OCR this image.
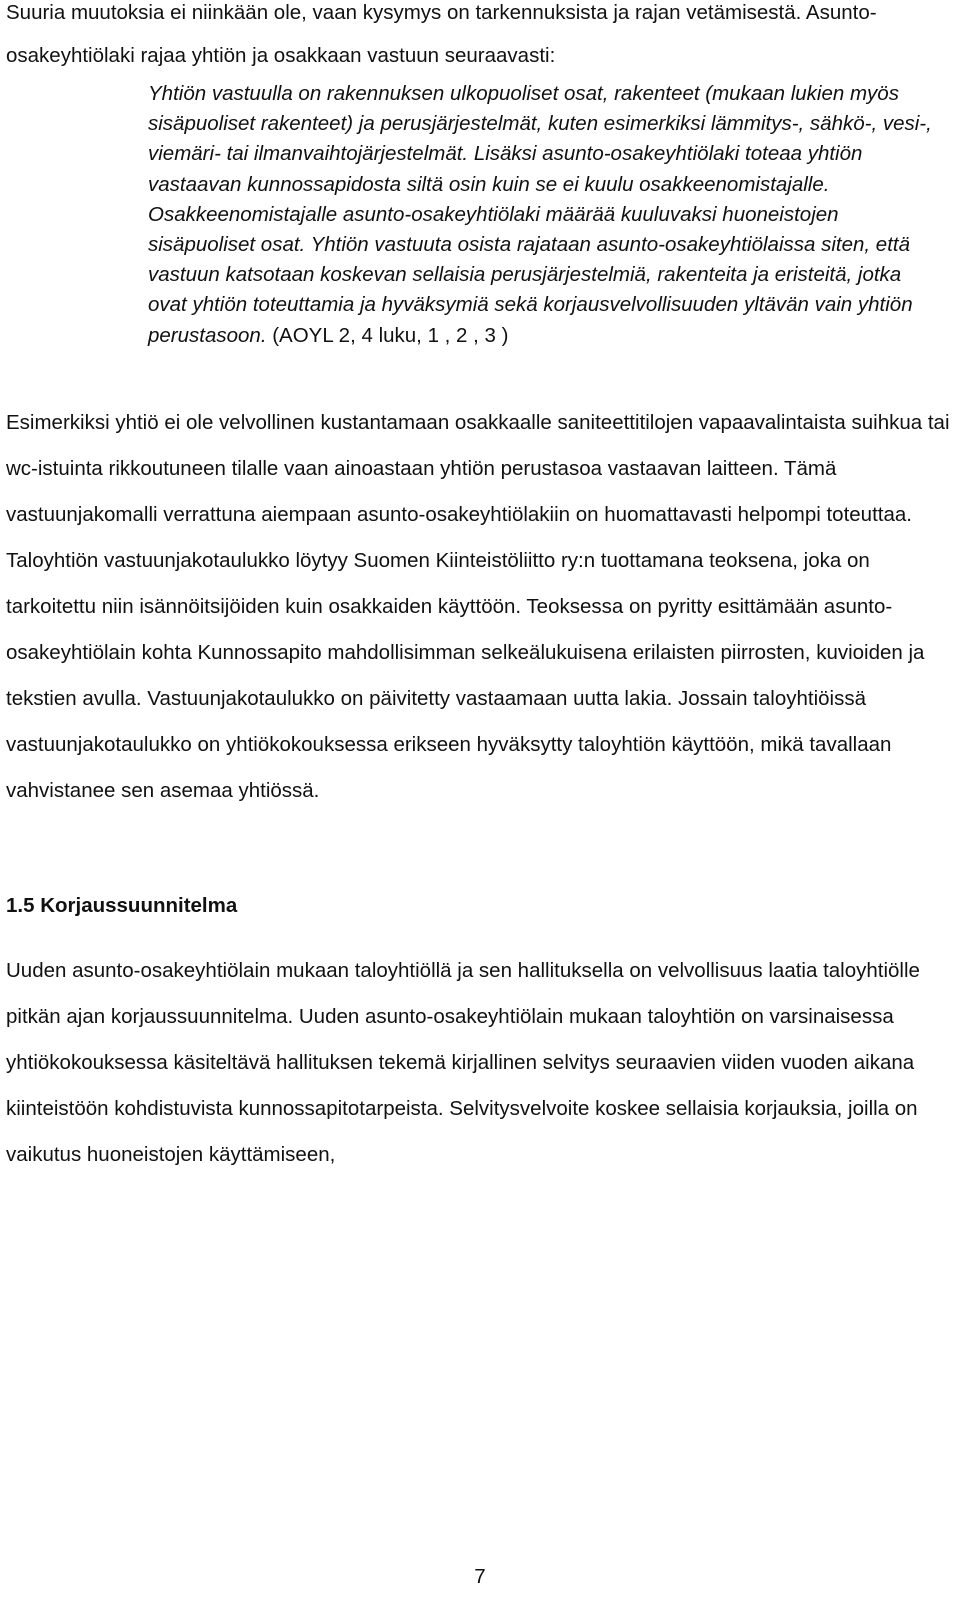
Suuria muutoksia ei niinkään ole, vaan kysymys on tarkennuksista ja rajan vetämisestä. Asunto-osakeyhtiölaki rajaa yhtiön ja osakkaan vastuun seuraavasti:

Yhtiön vastuulla on rakennuksen ulkopuoliset osat, rakenteet (mukaan lukien myös sisäpuoliset rakenteet) ja perusjärjestelmät, kuten esimerkiksi lämmitys-, sähkö-, vesi-, viemäri- tai ilmanvaihtojärjestelmät. Lisäksi asunto-osakeyhtiölaki toteaa yhtiön vastaavan kunnossapidosta siltä osin kuin se ei kuulu osakkeenomistajalle. Osakkeenomistajalle asunto-osakeyhtiölaki määrää kuuluvaksi huoneistojen sisäpuoliset osat. Yhtiön vastuuta osista rajataan asunto-osakeyhtiölaissa siten, että vastuun katsotaan koskevan sellaisia perusjärjestelmiä, rakenteita ja eristeitä, jotka ovat yhtiön toteuttamia ja hyväksymiä sekä korjausvelvollisuuden yltävän vain yhtiön perustasoon. (AOYL 2, 4 luku, 1 , 2 , 3 )

Esimerkiksi yhtiö ei ole velvollinen kustantamaan osakkaalle saniteettitilojen vapaavalintaista suihkua tai wc-istuinta rikkoutuneen tilalle vaan ainoastaan yhtiön perustasoa vastaavan laitteen. Tämä vastuunjakomalli verrattuna aiempaan asunto-osakeyhtiölakiin on huomattavasti helpompi toteuttaa. Taloyhtiön vastuunjakotaulukko löytyy Suomen Kiinteistöliitto ry:n tuottamana teoksena, joka on tarkoitettu niin isännöitsijöiden kuin osakkaiden käyttöön. Teoksessa on pyritty esittämään asunto-osakeyhtiölain kohta Kunnossapito mahdollisimman selkeälukuisena erilaisten piirrosten, kuvioiden ja tekstien avulla. Vastuunjakotaulukko on päivitetty vastaamaan uutta lakia. Jossain taloyhtiöissä vastuunjakotaulukko on yhtiökokouksessa erikseen hyväksytty taloyhtiön käyttöön, mikä tavallaan vahvistanee sen asemaa yhtiössä.

1.5 Korjaussuunnitelma

Uuden asunto-osakeyhtiölain mukaan taloyhtiöllä ja sen hallituksella on velvollisuus laatia taloyhtiölle pitkän ajan korjaussuunnitelma. Uuden asunto-osakeyhtiölain mukaan taloyhtiön on varsinaisessa yhtiökokouksessa käsiteltävä hallituksen tekemä kirjallinen selvitys seuraavien viiden vuoden aikana kiinteistöön kohdistuvista kunnossapitotarpeista. Selvitysvelvoite koskee sellaisia korjauksia, joilla on vaikutus huoneistojen käyttämiseen,

7
